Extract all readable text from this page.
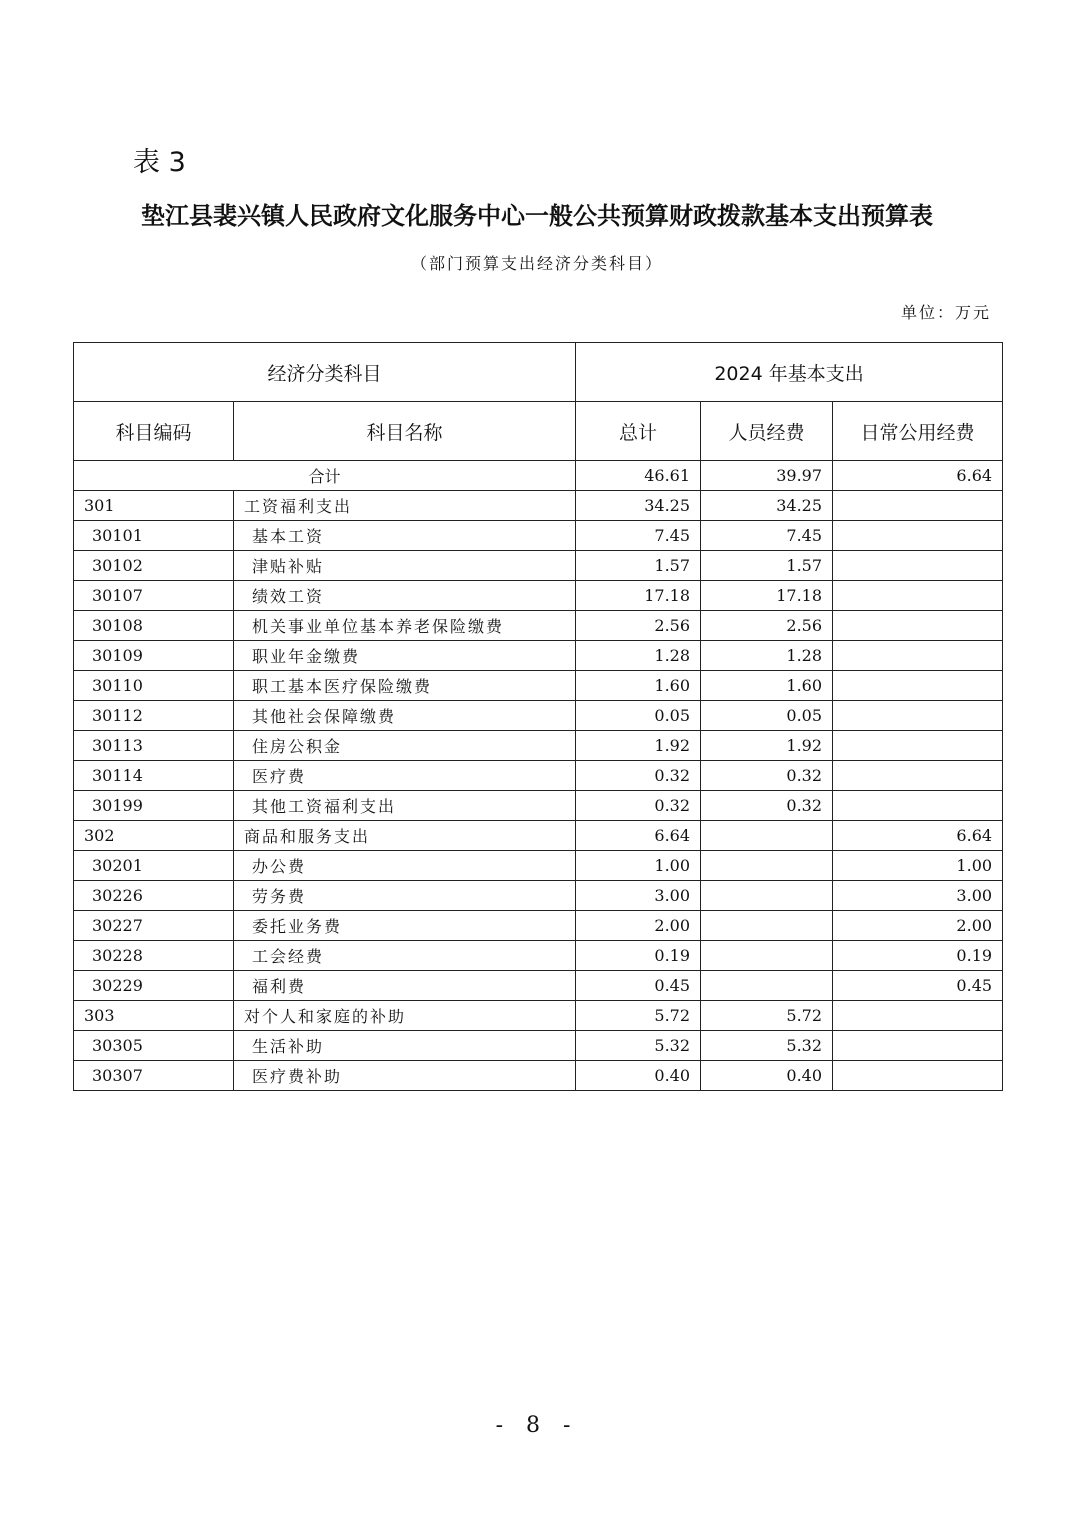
表 3
垫江县裴兴镇人民政府文化服务中心一般公共预算财政拨款基本支出预算表
（部门预算支出经济分类科目）
单位：万元
经济分类科目		2024 年基本支出		
科目编码	科目名称	总计	人员经费	日常公用经费
合计		46.61	39.97	6.64
301	工资福利支出	34.25	34.25	
30101	基本工资	7.45	7.45	
30102	津贴补贴	1.57	1.57	
30107	绩效工资	17.18	17.18	
30108	机关事业单位基本养老保险缴费	2.56	2.56	
30109	职业年金缴费	1.28	1.28	
30110	职工基本医疗保险缴费	1.60	1.60	
30112	其他社会保障缴费	0.05	0.05	
30113	住房公积金	1.92	1.92	
30114	医疗费	0.32	0.32	
30199	其他工资福利支出	0.32	0.32	
302	商品和服务支出	6.64		6.64
30201	办公费	1.00		1.00
30226	劳务费	3.00		3.00
30227	委托业务费	2.00		2.00
30228	工会经费	0.19		0.19
30229	福利费	0.45		0.45
303	对个人和家庭的补助	5.72	5.72	
30305	生活补助	5.32	5.32	
30307	医疗费补助	0.40	0.40	
- 8 -
